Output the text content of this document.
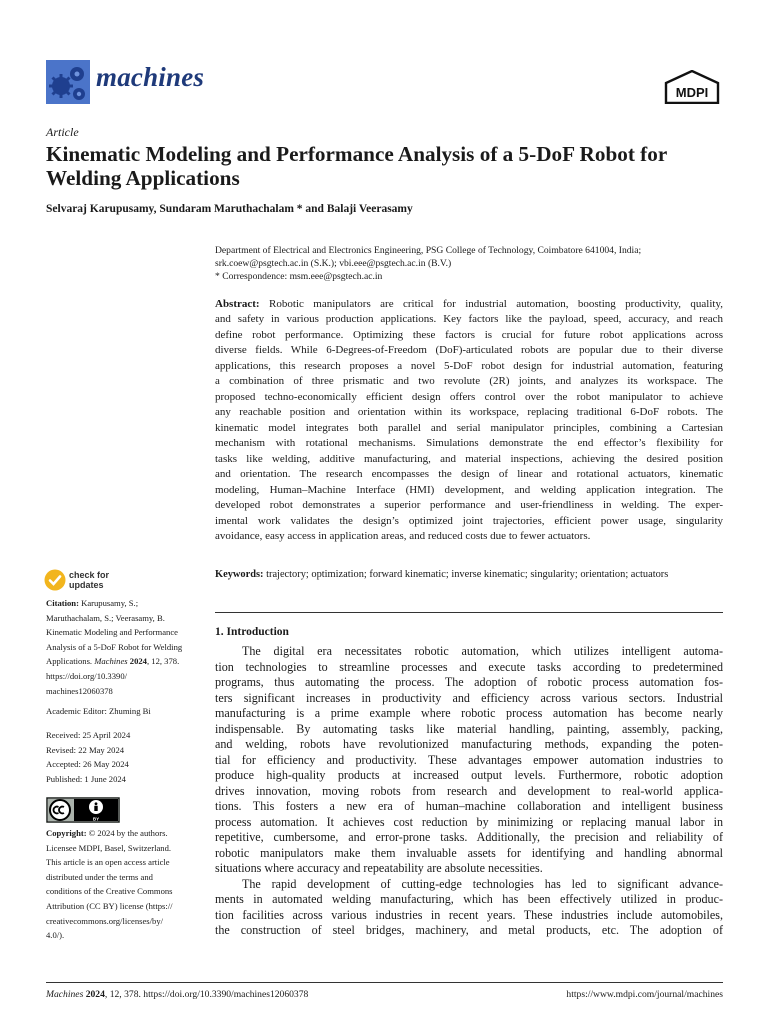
machines
MDPI
Article
Kinematic Modeling and Performance Analysis of a 5-DoF Robot for Welding Applications
Selvaraj Karupusamy, Sundaram Maruthachalam * and Balaji Veerasamy
Department of Electrical and Electronics Engineering, PSG College of Technology, Coimbatore 641004, India;
srk.coew@psgtech.ac.in (S.K.); vbi.eee@psgtech.ac.in (B.V.)
* Correspondence: msm.eee@psgtech.ac.in
Abstract: Robotic manipulators are critical for industrial automation, boosting productivity, quality,
and safety in various production applications. Key factors like the payload, speed, accuracy, and reach
define robot performance. Optimizing these factors is crucial for future robot applications across
diverse fields. While 6-Degrees-of-Freedom (DoF)-articulated robots are popular due to their diverse
applications, this research proposes a novel 5-DoF robot design for industrial automation, featuring
a combination of three prismatic and two revolute (2R) joints, and analyzes its workspace. The
proposed techno-economically efficient design offers control over the robot manipulator to achieve
any reachable position and orientation within its workspace, replacing traditional 6-DoF robots. The
kinematic model integrates both parallel and serial manipulator principles, combining a Cartesian
mechanism with rotational mechanisms. Simulations demonstrate the end effector’s flexibility for
tasks like welding, additive manufacturing, and material inspections, achieving the desired position
and orientation. The research encompasses the design of linear and rotational actuators, kinematic
modeling, Human–Machine Interface (HMI) development, and welding application integration. The
developed robot demonstrates a superior performance and user-friendliness in welding. The exper-
imental work validates the design’s optimized joint trajectories, efficient power usage, singularity
avoidance, easy access in application areas, and reduced costs due to fewer actuators.
Keywords: trajectory; optimization; forward kinematic; inverse kinematic; singularity; orientation; actuators
check for
updates
Citation: Karupusamy, S.;
Maruthachalam, S.; Veerasamy, B.
Kinematic Modeling and Performance
Analysis of a 5-DoF Robot for Welding
Applications. Machines 2024, 12, 378.
https://doi.org/10.3390/
machines12060378
Academic Editor: Zhuming Bi
Received: 25 April 2024
Revised: 22 May 2024
Accepted: 26 May 2024
Published: 1 June 2024
BY
Copyright: © 2024 by the authors.
Licensee MDPI, Basel, Switzerland.
This article is an open access article
distributed under the terms and
conditions of the Creative Commons
Attribution (CC BY) license (https://
creativecommons.org/licenses/by/
4.0/).
1. Introduction
The digital era necessitates robotic automation, which utilizes intelligent automa-
tion technologies to streamline processes and execute tasks according to predetermined
programs, thus automating the process. The adoption of robotic process automation fos-
ters significant increases in productivity and efficiency across various sectors. Industrial
manufacturing is a prime example where robotic process automation has become nearly
indispensable. By automating tasks like material handling, painting, assembly, packing,
and welding, robots have revolutionized manufacturing methods, expanding the poten-
tial for efficiency and productivity. These advantages empower automation industries to
produce high-quality products at increased output levels. Furthermore, robotic adoption
drives innovation, moving robots from research and development to real-world applica-
tions. This fosters a new era of human–machine collaboration and intelligent business
process automation. It achieves cost reduction by minimizing or replacing manual labor in
repetitive, cumbersome, and error-prone tasks. Additionally, the precision and reliability of
robotic manipulators make them invaluable assets for identifying and handling abnormal
situations where accuracy and repeatability are absolute necessities.
The rapid development of cutting-edge technologies has led to significant advance-
ments in automated welding manufacturing, which has been effectively utilized in produc-
tion facilities across various industries in recent years. These industries include automobiles,
the construction of steel bridges, machinery, and metal products, etc. The adoption of
Machines 2024, 12, 378. https://doi.org/10.3390/machines12060378	https://www.mdpi.com/journal/machines
